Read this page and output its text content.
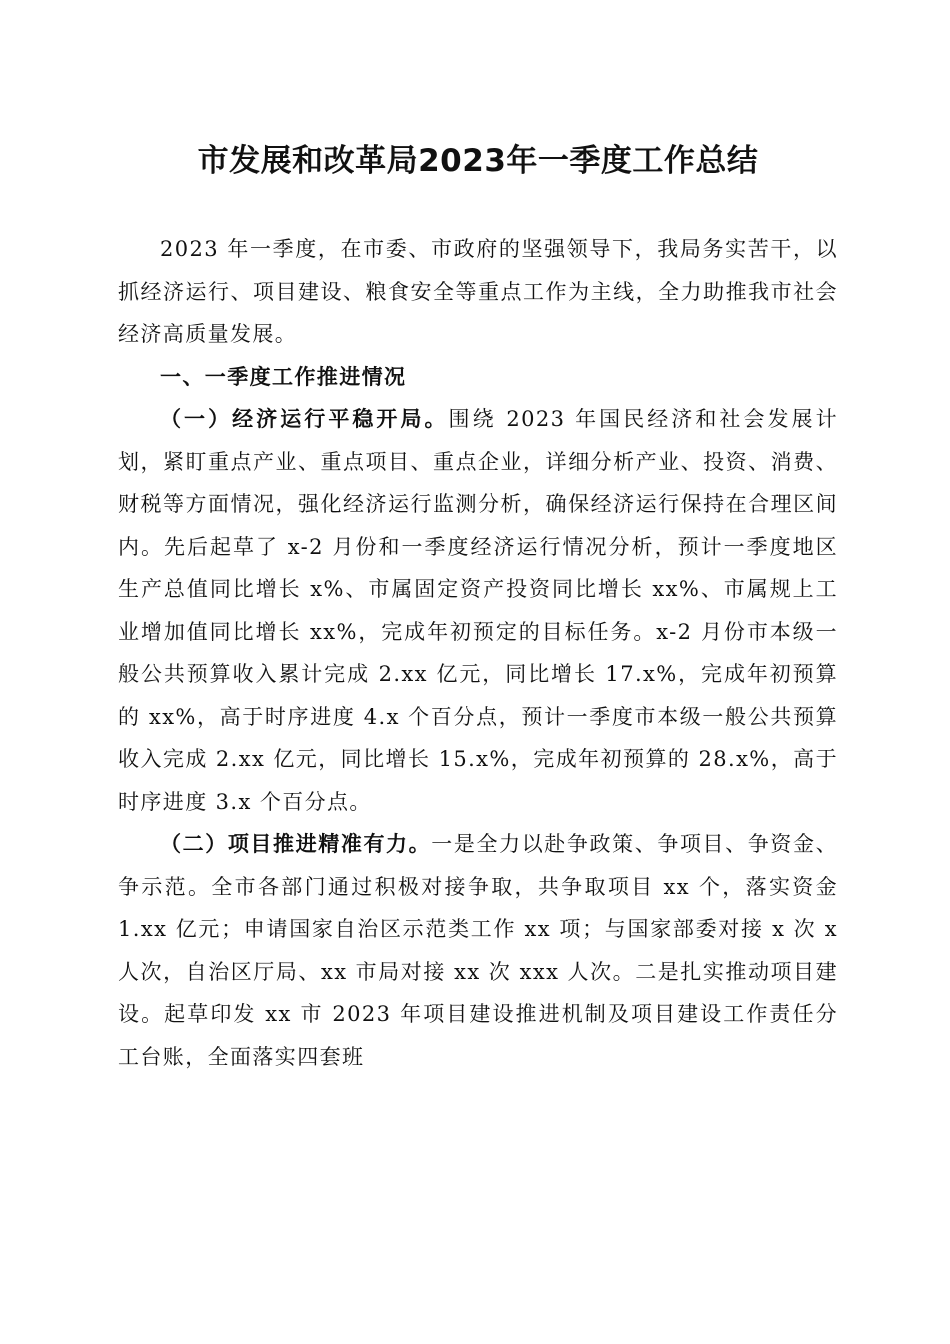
市发展和改革局2023年一季度工作总结

2023 年一季度，在市委、市政府的坚强领导下，我局务实苦干，以抓经济运行、项目建设、粮食安全等重点工作为主线，全力助推我市社会经济高质量发展。

一、一季度工作推进情况

（一）经济运行平稳开局。围绕 2023 年国民经济和社会发展计划，紧盯重点产业、重点项目、重点企业，详细分析产业、投资、消费、财税等方面情况，强化经济运行监测分析，确保经济运行保持在合理区间内。先后起草了 x-2 月份和一季度经济运行情况分析，预计一季度地区生产总值同比增长 x%、市属固定资产投资同比增长 xx%、市属规上工业增加值同比增长 xx%，完成年初预定的目标任务。x-2 月份市本级一般公共预算收入累计完成 2.xx 亿元，同比增长 17.x%，完成年初预算的 xx%，高于时序进度 4.x 个百分点，预计一季度市本级一般公共预算收入完成 2.xx 亿元，同比增长 15.x%，完成年初预算的 28.x%，高于时序进度 3.x 个百分点。

（二）项目推进精准有力。一是全力以赴争政策、争项目、争资金、争示范。全市各部门通过积极对接争取，共争取项目 xx 个，落实资金 1.xx 亿元；申请国家自治区示范类工作 xx 项；与国家部委对接 x 次 x 人次，自治区厅局、xx 市局对接 xx 次 xxx 人次。二是扎实推动项目建设。起草印发 xx 市 2023 年项目建设推进机制及项目建设工作责任分工台账，全面落实四套班
